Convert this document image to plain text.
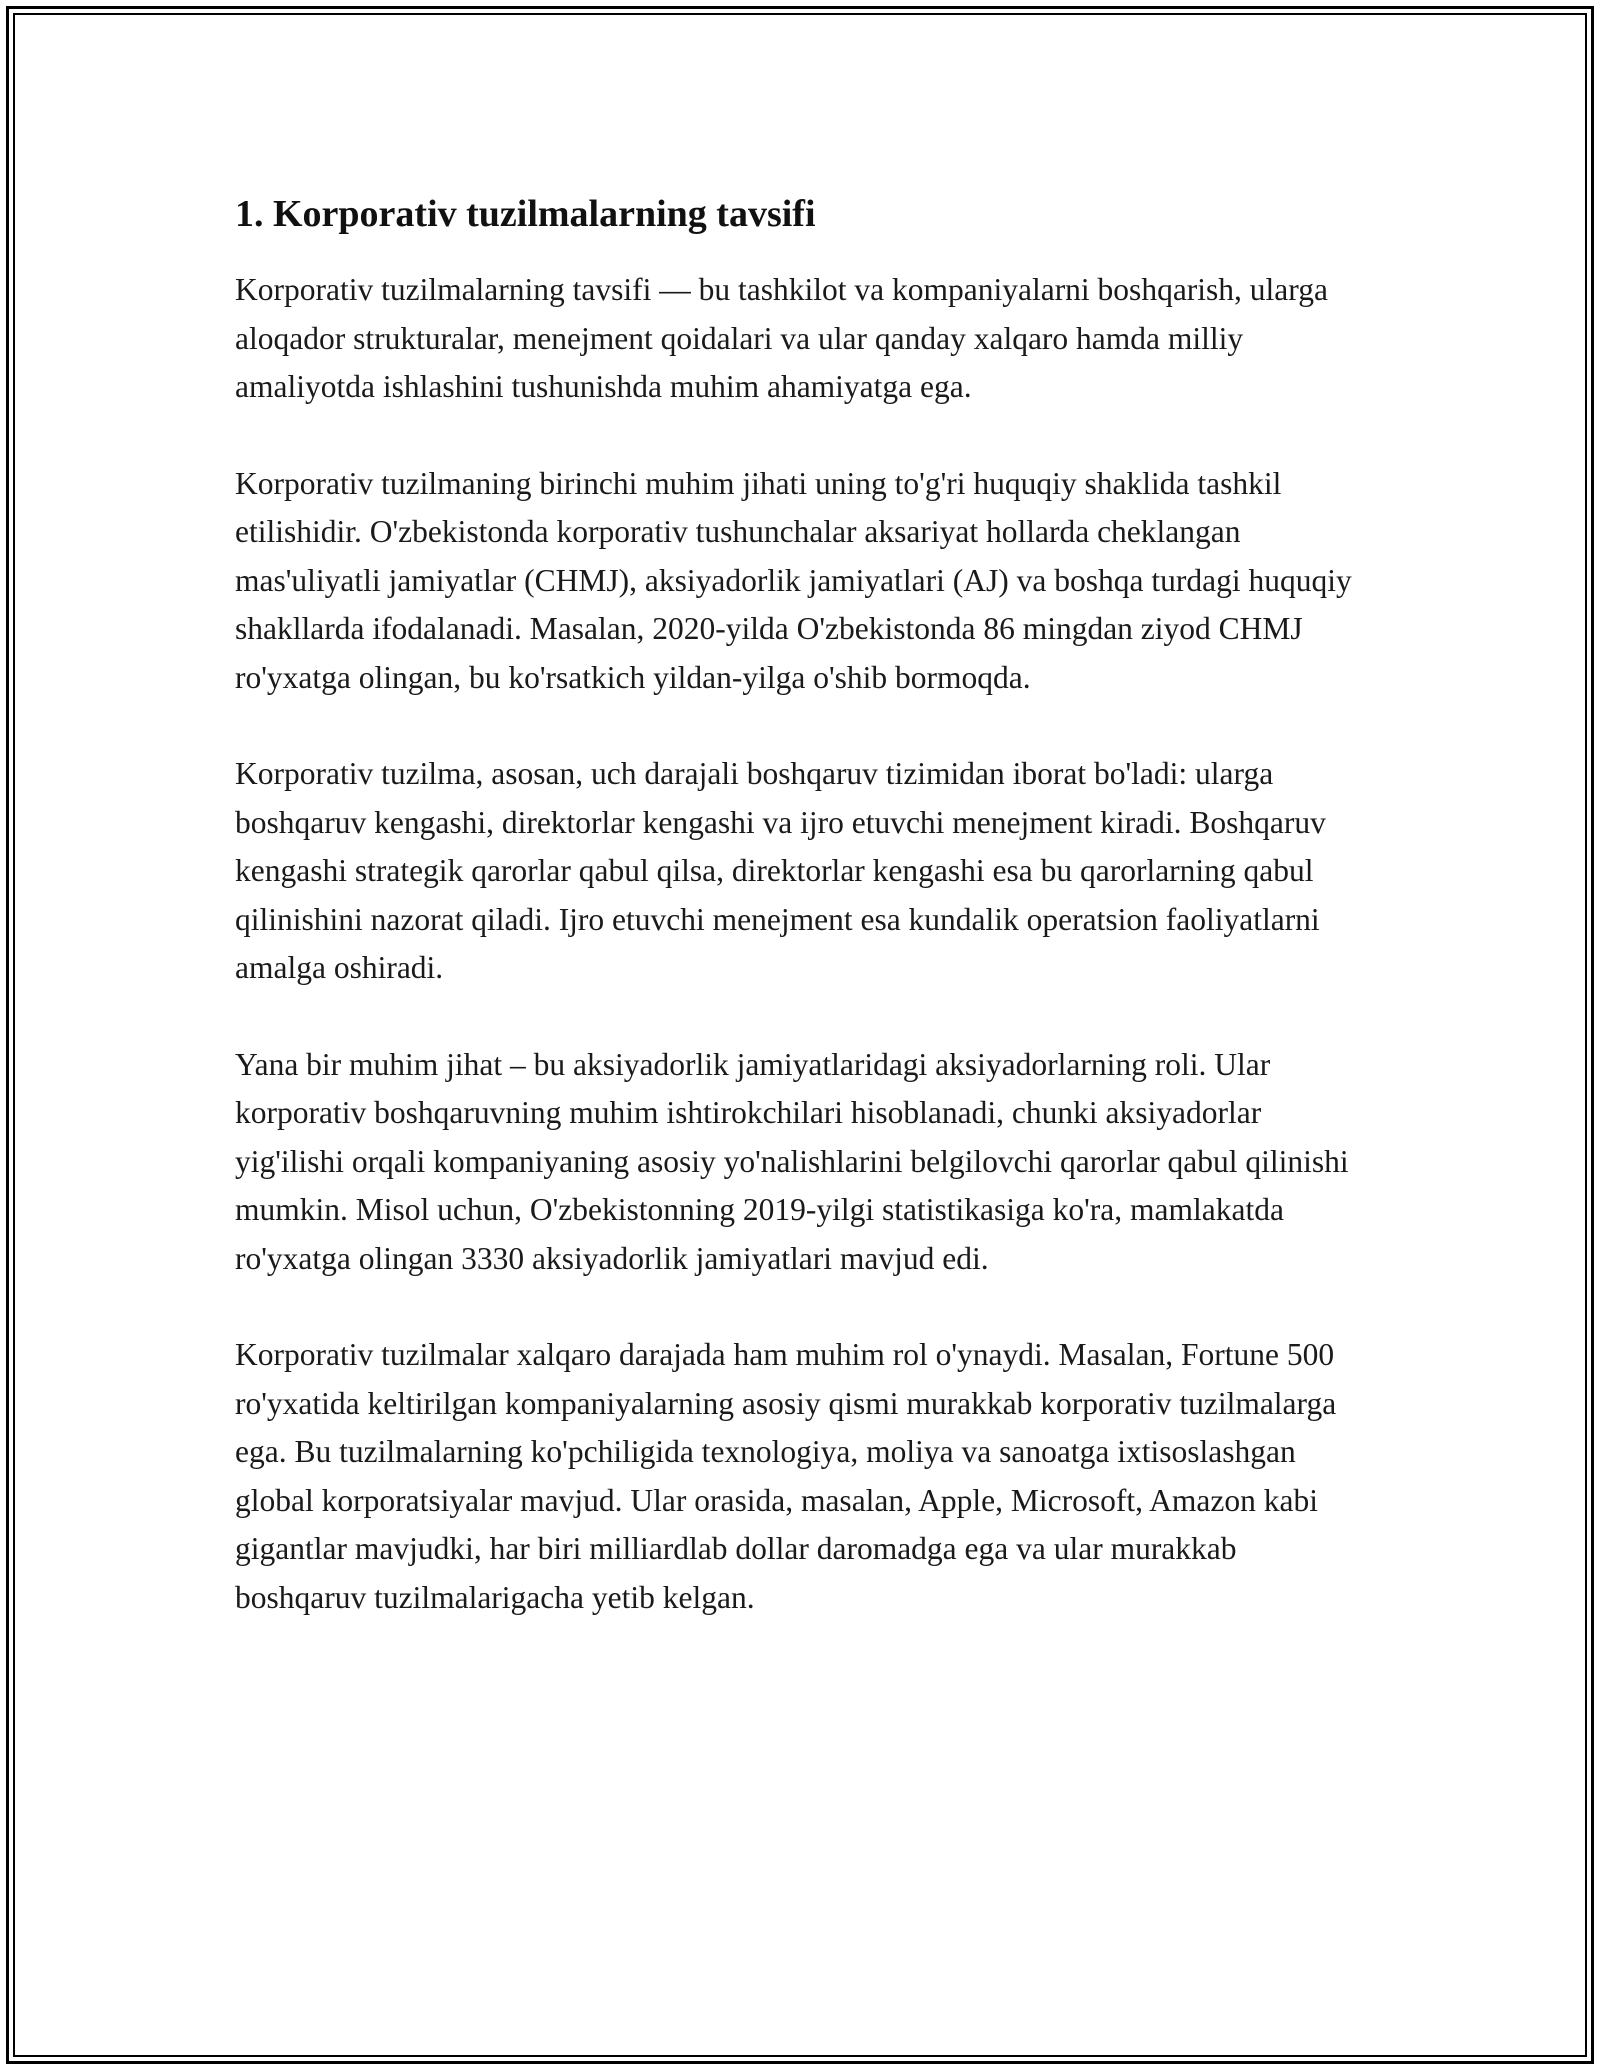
1. Korporativ tuzilmalarning tavsifi

Korporativ tuzilmalarning tavsifi — bu tashkilot va kompaniyalarni boshqarish, ularga aloqador strukturalar, menejment qoidalari va ular qanday xalqaro hamda milliy amaliyotda ishlashini tushunishda muhim ahamiyatga ega.

Korporativ tuzilmaning birinchi muhim jihati uning to'g'ri huquqiy shaklida tashkil etilishidir. O'zbekistonda korporativ tushunchalar aksariyat hollarda cheklangan mas'uliyatli jamiyatlar (CHMJ), aksiyadorlik jamiyatlari (AJ) va boshqa turdagi huquqiy shakllarda ifodalanadi. Masalan, 2020-yilda O'zbekistonda 86 mingdan ziyod CHMJ ro'yxatga olingan, bu ko'rsatkich yildan-yilga o'shib bormoqda.

Korporativ tuzilma, asosan, uch darajali boshqaruv tizimidan iborat bo'ladi: ularga boshqaruv kengashi, direktorlar kengashi va ijro etuvchi menejment kiradi. Boshqaruv kengashi strategik qarorlar qabul qilsa, direktorlar kengashi esa bu qarorlarning qabul qilinishini nazorat qiladi. Ijro etuvchi menejment esa kundalik operatsion faoliyatlarni amalga oshiradi.

Yana bir muhim jihat – bu aksiyadorlik jamiyatlaridagi aksiyadorlarning roli. Ular korporativ boshqaruvning muhim ishtirokchilari hisoblanadi, chunki aksiyadorlar yig'ilishi orqali kompaniyaning asosiy yo'nalishlarini belgilovchi qarorlar qabul qilinishi mumkin. Misol uchun, O'zbekistonning 2019-yilgi statistikasiga ko'ra, mamlakatda ro'yxatga olingan 3330 aksiyadorlik jamiyatlari mavjud edi.

Korporativ tuzilmalar xalqaro darajada ham muhim rol o'ynaydi. Masalan, Fortune 500 ro'yxatida keltirilgan kompaniyalarning asosiy qismi murakkab korporativ tuzilmalarga ega. Bu tuzilmalarning ko'pchiligida texnologiya, moliya va sanoatga ixtisoslashgan global korporatsiyalar mavjud. Ular orasida, masalan, Apple, Microsoft, Amazon kabi gigantlar mavjudki, har biri milliardlab dollar daromadga ega va ular murakkab boshqaruv tuzilmalarigacha yetib kelgan.
